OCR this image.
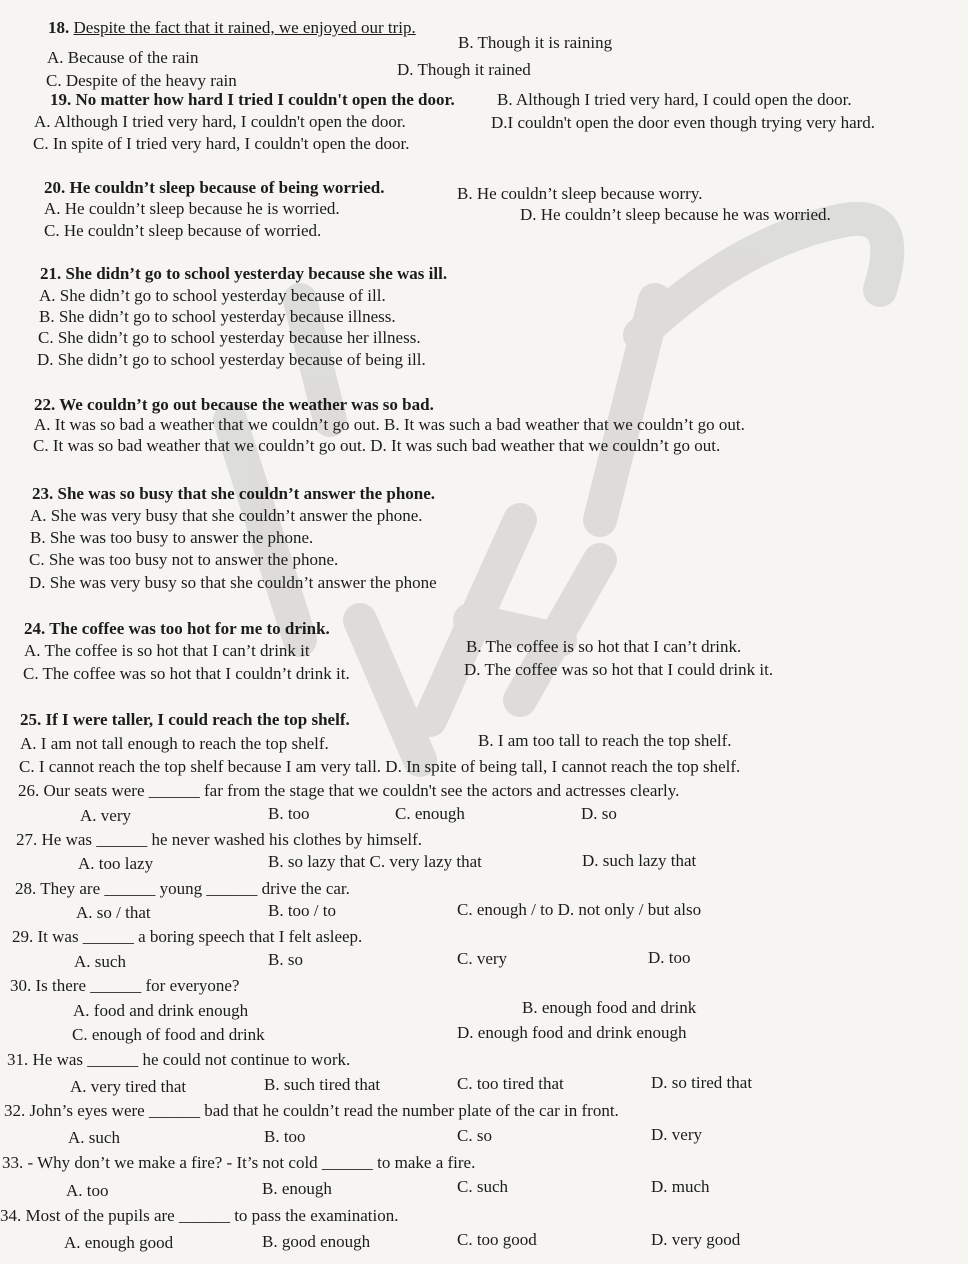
18. Despite the fact that it rained, we enjoyed our trip.
A. Because of the rain
B. Though it is raining
C. Despite of the heavy rain
D. Though it rained
19. No matter how hard I tried I couldn't open the door.
A. Although I tried very hard, I couldn't open the door.
B. Although I tried very hard, I could open the door.
C. In spite of I tried very hard, I couldn't open the door.
D.I couldn't open the door even though trying very hard.
20. He couldn’t sleep because of being worried.
A. He couldn’t sleep because he is worried.
B. He couldn’t sleep because worry.
C. He couldn’t sleep because of worried.
D. He couldn’t sleep because he was worried.
21. She didn’t go to school yesterday because she was ill.
A. She didn’t go to school yesterday because of ill.
B. She didn’t go to school yesterday because illness.
C. She didn’t go to school yesterday because her illness.
D. She didn’t go to school yesterday because of being ill.
22. We couldn’t go out because the weather was so bad.
A. It was so bad a weather that we couldn’t go out. B. It was such a bad weather that we couldn’t go out.
C. It was so bad weather that we couldn’t go out. D. It was such bad weather that we couldn’t go out.
23. She was so busy that she couldn’t answer the phone.
A. She was very busy that she couldn’t answer the phone.
B. She was too busy to answer the phone.
C. She was too busy not to answer the phone.
D. She was very busy so that she couldn’t answer the phone
24. The coffee was too hot for me to drink.
A. The coffee is so hot that I can’t drink it	B. The coffee is so hot that I can’t drink.
C. The coffee was so hot that I couldn’t drink it.	D. The coffee was so hot that I could drink it.
25. If I were taller, I could reach the top shelf.
A. I am not tall enough to reach the top shelf.	B. I am too tall to reach the top shelf.
C. I cannot reach the top shelf because I am very tall. D. In spite of being tall, I cannot reach the top shelf.
26. Our seats were ______ far from the stage that we couldn't see the actors and actresses clearly.
A. very	B. too	C. enough	D. so
27. He was ______ he never washed his clothes by himself.
A. too lazy	B. so lazy that C. very lazy that	D. such lazy that
28. They are ______ young ______ drive the car.
A. so / that	B. too / to	C. enough / to D. not only / but also
29. It was ______ a boring speech that I felt asleep.
A. such	B. so	C. very	D. too
30. Is there ______ for everyone?
A. food and drink enough	B. enough food and drink
C. enough of food and drink	D. enough food and drink enough
31. He was ______ he could not continue to work.
A. very tired that	B. such tired that	C. too tired that	D. so tired that
32. John’s eyes were ______ bad that he couldn’t read the number plate of the car in front.
A. such	B. too	C. so	D. very
33. - Why don’t we make a fire? - It’s not cold ______ to make a fire.
A. too	B. enough	C. such	D. much
34. Most of the pupils are ______ to pass the examination.
A. enough good	B. good enough	C. too good	D. very good
